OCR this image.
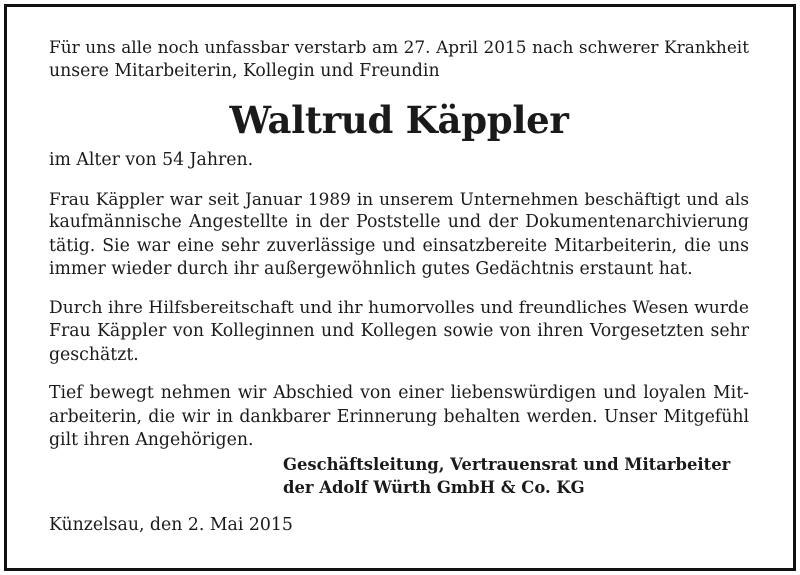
Für uns alle noch unfassbar verstarb am 27. April 2015 nach schwerer Krankheit
unsere Mitarbeiterin, Kollegin und Freundin

Waltrud Käppler

im Alter von 54 Jahren.

Frau Käppler war seit Januar 1989 in unserem Unternehmen beschäftigt und als
kaufmännische Angestellte in der Poststelle und der Dokumentenarchivierung
tätig. Sie war eine sehr zuverlässige und einsatzbereite Mitarbeiterin, die uns
immer wieder durch ihr außergewöhnlich gutes Gedächtnis erstaunt hat.

Durch ihre Hilfsbereitschaft und ihr humorvolles und freundliches Wesen wurde
Frau Käppler von Kolleginnen und Kollegen sowie von ihren Vorgesetzten sehr
geschätzt.

Tief bewegt nehmen wir Abschied von einer liebenswürdigen und loyalen Mit-
arbeiterin, die wir in dankbarer Erinnerung behalten werden. Unser Mitgefühl
gilt ihren Angehörigen.

Geschäftsleitung, Vertrauensrat und Mitarbeiter
der Adolf Würth GmbH & Co. KG

Künzelsau, den 2. Mai 2015
